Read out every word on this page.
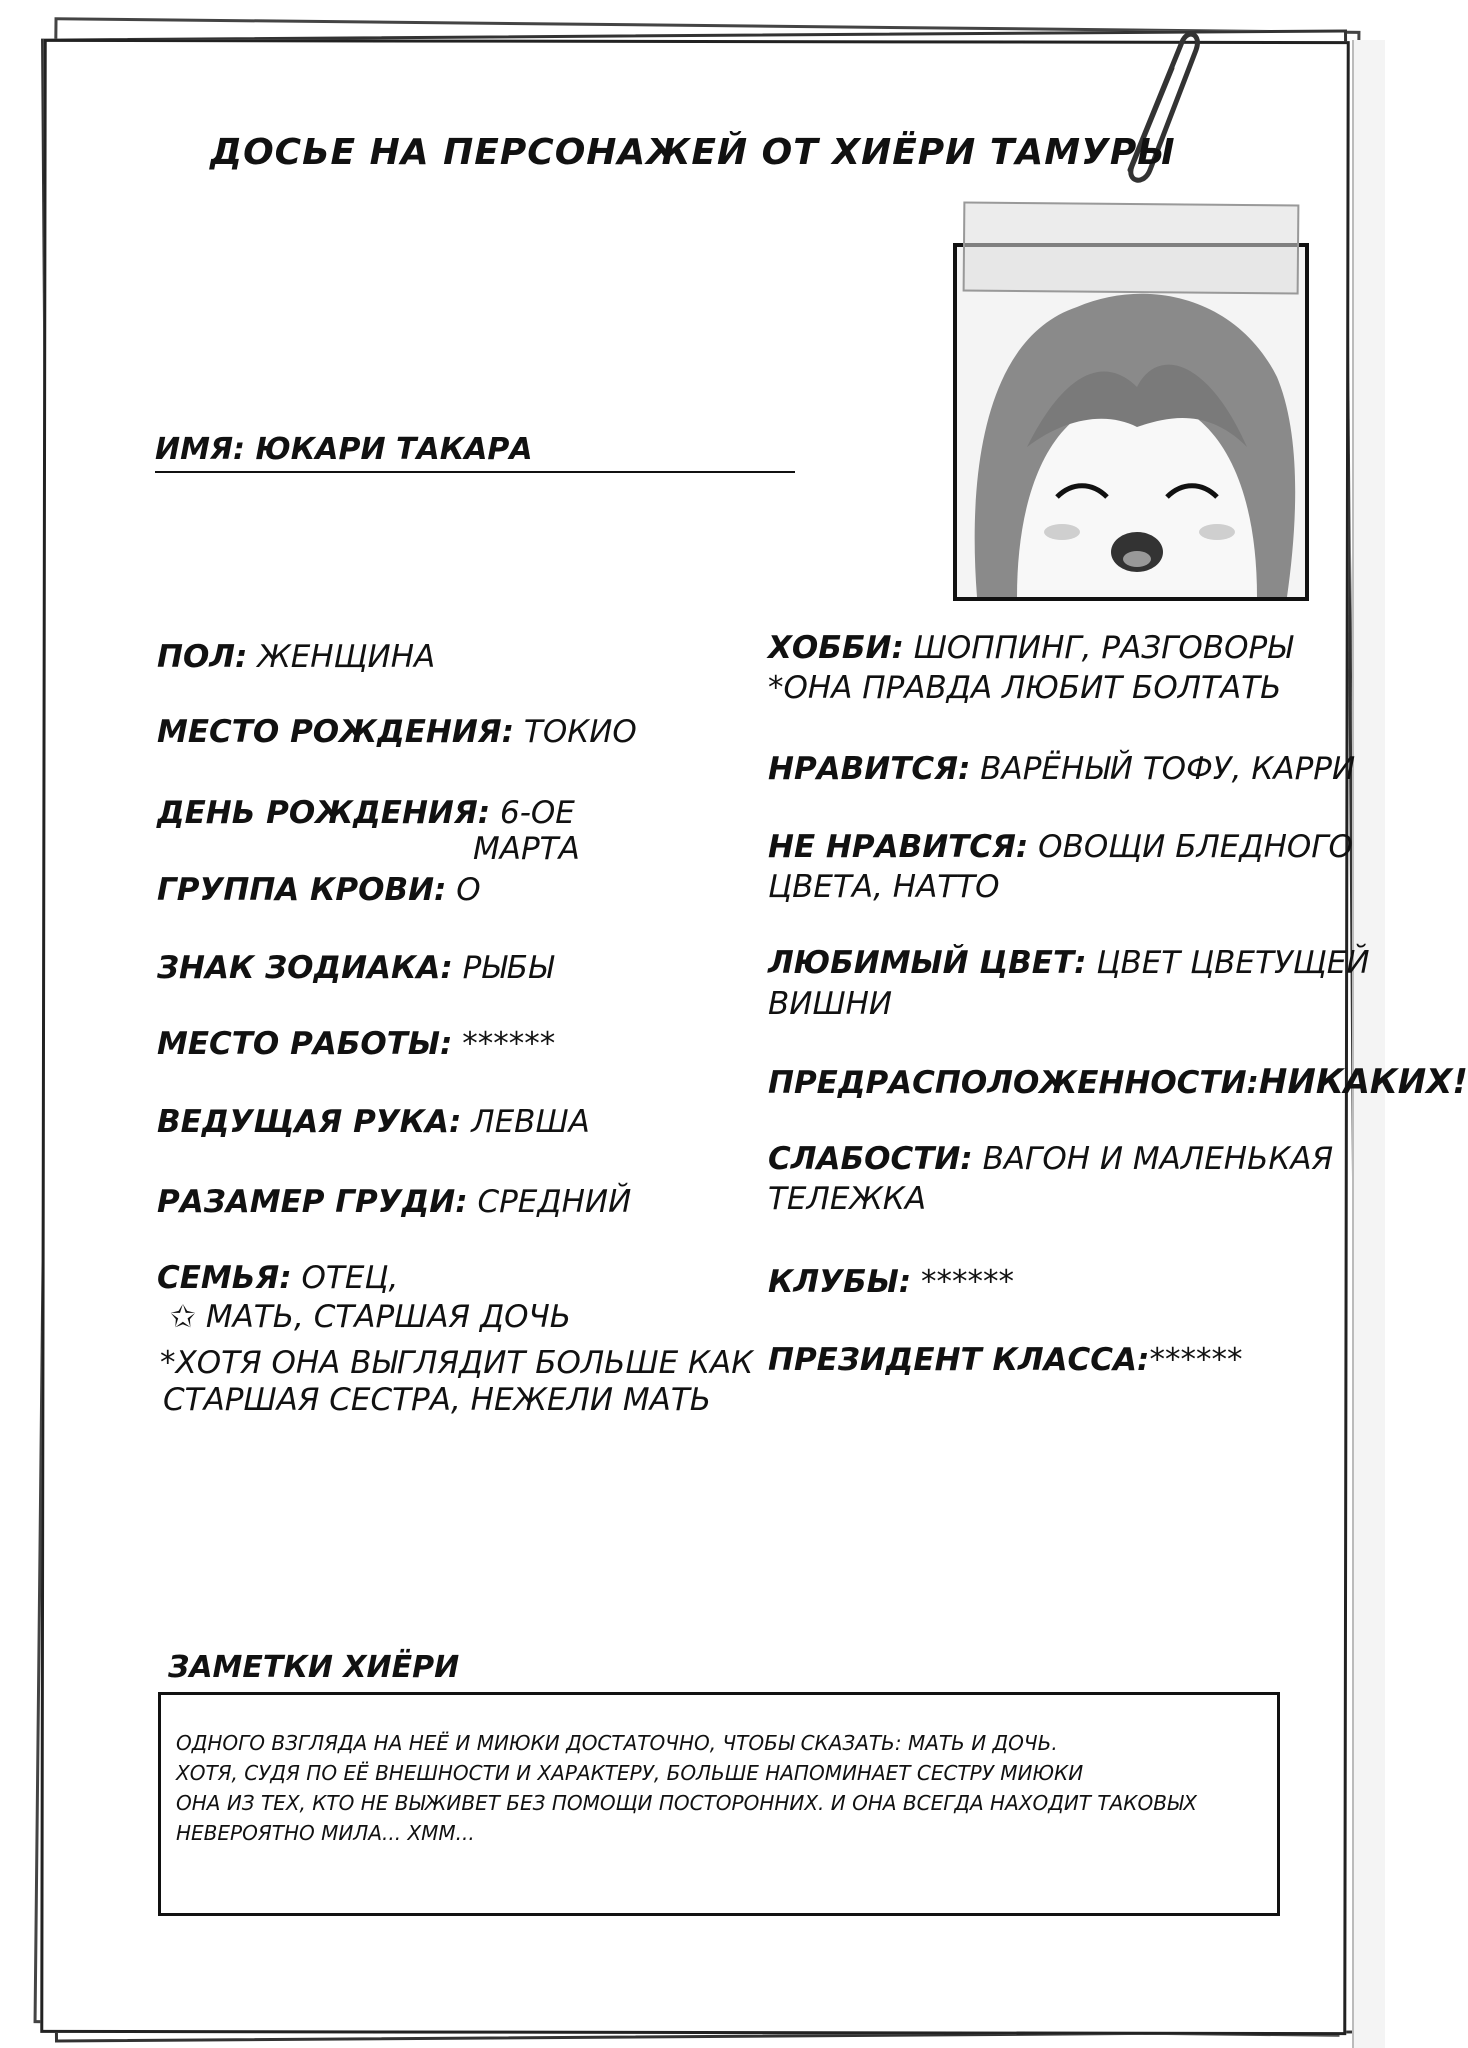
ДОСЬЕ НА ПЕРСОНАЖЕЙ ОТ ХИЁРИ ТАМУРЫ
ИМЯ: ЮКАРИ ТАКАРА
ПОЛ: ЖЕНЩИНА
МЕСТО РОЖДЕНИЯ: ТОКИО
ДЕНЬ РОЖДЕНИЯ: 6-ОЕ
МАРТА
ГРУППА КРОВИ: О
ЗНАК ЗОДИАКА: РЫБЫ
МЕСТО РАБОТЫ: ******
ВЕДУЩАЯ РУКА: ЛЕВША
РАЗАМЕР ГРУДИ: СРЕДНИЙ
СЕМЬЯ: ОТЕЦ,
✩ МАТЬ, СТАРШАЯ ДОЧЬ
*ХОТЯ ОНА ВЫГЛЯДИТ БОЛЬШЕ КАК
СТАРШАЯ СЕСТРА, НЕЖЕЛИ МАТЬ
ХОББИ: ШОППИНГ, РАЗГОВОРЫ
*ОНА ПРАВДА ЛЮБИТ БОЛТАТЬ
НРАВИТСЯ: ВАРЁНЫЙ ТОФУ, КАРРИ
НЕ НРАВИТСЯ: ОВОЩИ БЛЕДНОГО
ЦВЕТА, НАТТО
ЛЮБИМЫЙ ЦВЕТ: ЦВЕТ ЦВЕТУЩЕЙ
ВИШНИ
ПРЕДРАСПОЛОЖЕННОСТИ:НИКАКИХ!
СЛАБОСТИ: ВАГОН И МАЛЕНЬКАЯ
ТЕЛЕЖКА
КЛУБЫ: ******
ПРЕЗИДЕНТ КЛАССА:******
ЗАМЕТКИ ХИЁРИ
ОДНОГО ВЗГЛЯДА НА НЕЁ И МИЮКИ ДОСТАТОЧНО, ЧТОБЫ СКАЗАТЬ: МАТЬ И ДОЧЬ.
ХОТЯ, СУДЯ ПО ЕЁ ВНЕШНОСТИ И ХАРАКТЕРУ, БОЛЬШЕ НАПОМИНАЕТ СЕСТРУ МИЮКИ
ОНА ИЗ ТЕХ, КТО НЕ ВЫЖИВЕТ БЕЗ ПОМОЩИ ПОСТОРОННИХ. И ОНА ВСЕГДА НАХОДИТ ТАКОВЫХ
НЕВЕРОЯТНО МИЛА... ХММ...
